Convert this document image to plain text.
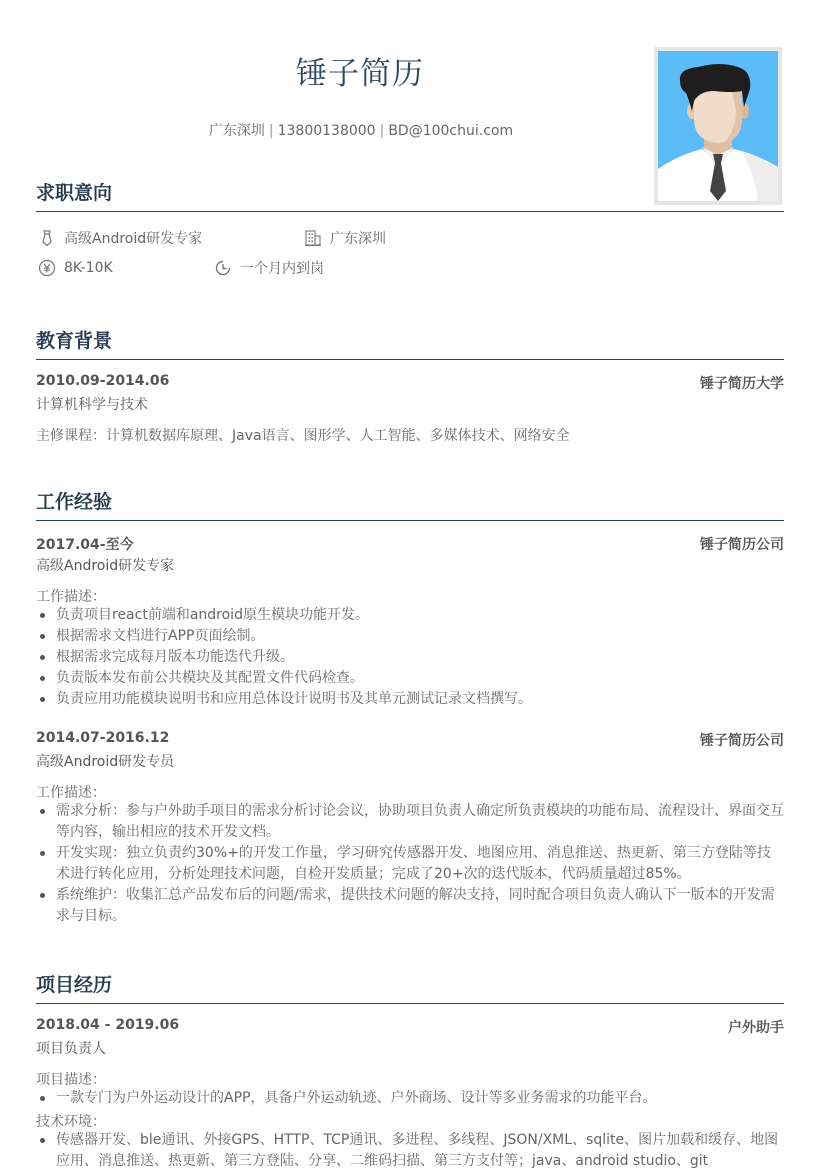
锤子简历
广东深圳 | 13800138000 | BD@100chui.com
求职意向
高级Android研发专家	广东深圳
8K-10K	一个月内到岗
教育背景
2010.09-2014.06	锤子简历大学
计算机科学与技术
主修课程：计算机数据库原理、Java语言、图形学、人工智能、多媒体技术、网络安全
工作经验
2017.04-至今	锤子简历公司
高级Android研发专家
工作描述：
负责项目react前端和android原生模块功能开发。
根据需求文档进行APP页面绘制。
根据需求完成每月版本功能迭代升级。
负责版本发布前公共模块及其配置文件代码检查。
负责应用功能模块说明书和应用总体设计说明书及其单元测试记录文档撰写。
2014.07-2016.12	锤子简历公司
高级Android研发专员
工作描述：
需求分析：参与户外助手项目的需求分析讨论会议，协助项目负责人确定所负责模块的功能布局、流程设计、界面交互等内容，输出相应的技术开发文档。
开发实现：独立负责约30%+的开发工作量，学习研究传感器开发、地图应用、消息推送、热更新、第三方登陆等技术进行转化应用，分析处理技术问题，自检开发质量；完成了20+次的迭代版本，代码质量超过85%。
系统维护：收集汇总产品发布后的问题/需求，提供技术问题的解决支持，同时配合项目负责人确认下一版本的开发需求与目标。
项目经历
2018.04 - 2019.06	户外助手
项目负责人
项目描述：
一款专门为户外运动设计的APP，具备户外运动轨迹、户外商场、设计等多业务需求的功能平台。
技术环境：
传感器开发、ble通讯、外接GPS、HTTP、TCP通讯、多进程、多线程、JSON/XML、sqlite、图片加载和缓存、地图应用、消息推送、热更新、第三方登陆、分享、二维码扫描、第三方支付等；java、android studio、git
